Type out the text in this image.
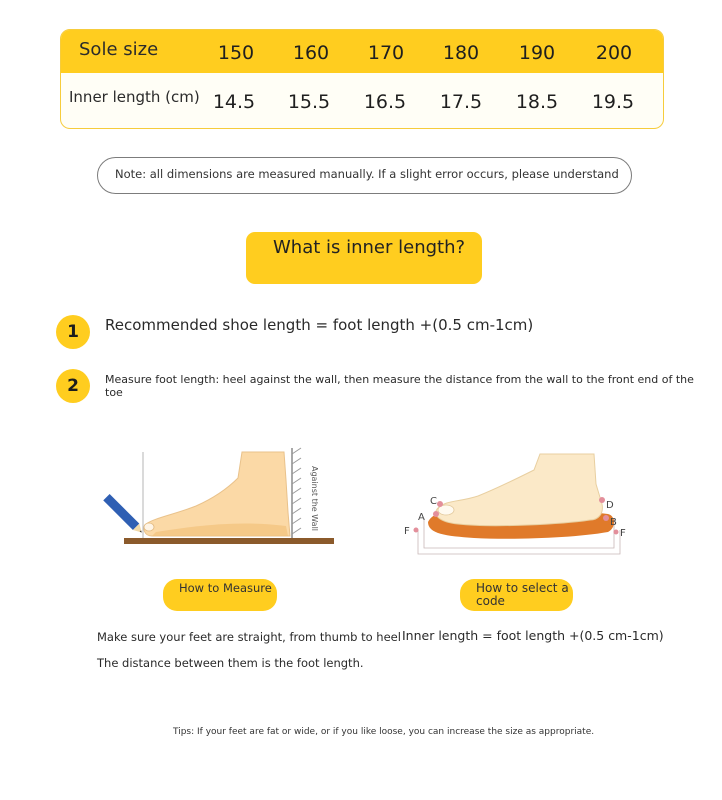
Sole size	150	160	170	180	190	200
Inner length (cm) 14.5	15.5	16.5	17.5	18.5	19.5
Note: all dimensions are measured manually. If a slight error occurs, please understand
What is inner length?
1	Recommended shoe length = foot length +(0.5 cm-1cm)
2	Measure foot length: heel against the wall, then measure the distance from the wall to the front end of the toe
Against the Wall	A	B
C	D
F	F
How to Measure	How to select a code
Make sure your feet are straight, from thumb to heel
The distance between them is the foot length.
Inner length = foot length +(0.5 cm-1cm)
Tips: If your feet are fat or wide, or if you like loose, you can increase the size as appropriate.
